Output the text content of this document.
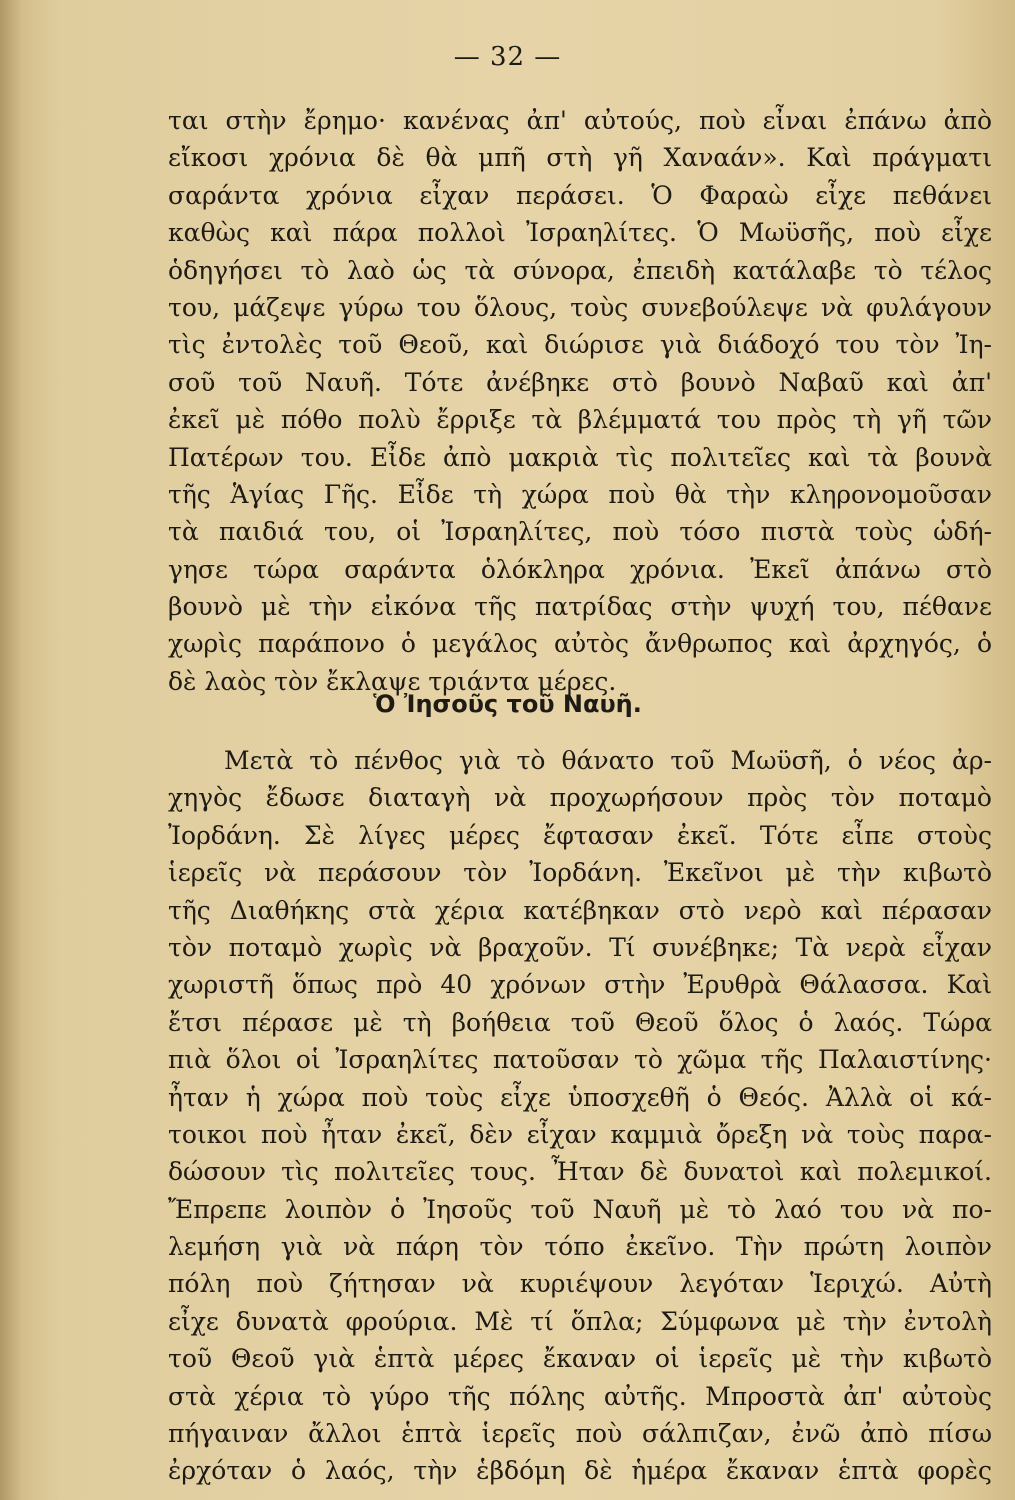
— 32 —
ται στὴν ἔρημο· κανένας ἀπ' αὐτούς, ποὺ εἶναι ἐπάνω ἀπὸ
εἴκοσι χρόνια δὲ θὰ μπῆ στὴ γῆ Χαναάν». Καὶ πράγματι
σαράντα χρόνια εἶχαν περάσει. Ὁ Φαραὼ εἶχε πεθάνει
καθὼς καὶ πάρα πολλοὶ Ἰσραηλίτες. Ὁ Μωϋσῆς, ποὺ εἶχε
ὁδηγήσει τὸ λαὸ ὡς τὰ σύνορα, ἐπειδὴ κατάλαβε τὸ τέλος
του, μάζεψε γύρω του ὅλους, τοὺς συνεβούλεψε νὰ φυλάγουν
τὶς ἐντολὲς τοῦ Θεοῦ, καὶ διώρισε γιὰ διάδοχό του τὸν Ἰη-
σοῦ τοῦ Ναυῆ. Τότε ἀνέβηκε στὸ βουνὸ Ναβαῦ καὶ ἀπ'
ἐκεῖ μὲ πόθο πολὺ ἔρριξε τὰ βλέμματά του πρὸς τὴ γῆ τῶν
Πατέρων του. Εἶδε ἀπὸ μακριὰ τὶς πολιτεῖες καὶ τὰ βουνὰ
τῆς Ἁγίας Γῆς. Εἶδε τὴ χώρα ποὺ θὰ τὴν κληρονομοῦσαν
τὰ παιδιά του, οἱ Ἰσραηλίτες, ποὺ τόσο πιστὰ τοὺς ὡδή-
γησε τώρα σαράντα ὁλόκληρα χρόνια. Ἐκεῖ ἀπάνω στὸ
βουνὸ μὲ τὴν εἰκόνα τῆς πατρίδας στὴν ψυχή του, πέθανε
χωρὶς παράπονο ὁ μεγάλος αὐτὸς ἄνθρωπος καὶ ἀρχηγός, ὁ
δὲ λαὸς τὸν ἔκλαψε τριάντα μέρες.
Ὁ Ἰησοῦς τοῦ Ναυῆ.
Μετὰ τὸ πένθος γιὰ τὸ θάνατο τοῦ Μωϋσῆ, ὁ νέος ἀρ-
χηγὸς ἔδωσε διαταγὴ νὰ προχωρήσουν πρὸς τὸν ποταμὸ
Ἰορδάνη. Σὲ λίγες μέρες ἔφτασαν ἐκεῖ. Τότε εἶπε στοὺς
ἱερεῖς νὰ περάσουν τὸν Ἰορδάνη. Ἐκεῖνοι μὲ τὴν κιβωτὸ
τῆς Διαθήκης στὰ χέρια κατέβηκαν στὸ νερὸ καὶ πέρασαν
τὸν ποταμὸ χωρὶς νὰ βραχοῦν. Τί συνέβηκε; Τὰ νερὰ εἶχαν
χωριστῆ ὅπως πρὸ 40 χρόνων στὴν Ἐρυθρὰ Θάλασσα. Καὶ
ἔτσι πέρασε μὲ τὴ βοήθεια τοῦ Θεοῦ ὅλος ὁ λαός. Τώρα
πιὰ ὅλοι οἱ Ἰσραηλίτες πατοῦσαν τὸ χῶμα τῆς Παλαιστίνης·
ἦταν ἡ χώρα ποὺ τοὺς εἶχε ὑποσχεθῆ ὁ Θεός. Ἀλλὰ οἱ κά-
τοικοι ποὺ ἦταν ἐκεῖ, δὲν εἶχαν καμμιὰ ὄρεξη νὰ τοὺς παρα-
δώσουν τὶς πολιτεῖες τους. Ἦταν δὲ δυνατοὶ καὶ πολεμικοί.
Ἔπρεπε λοιπὸν ὁ Ἰησοῦς τοῦ Ναυῆ μὲ τὸ λαό του νὰ πο-
λεμήση γιὰ νὰ πάρη τὸν τόπο ἐκεῖνο. Τὴν πρώτη λοιπὸν
πόλη ποὺ ζήτησαν νὰ κυριέψουν λεγόταν Ἱεριχώ. Αὐτὴ
εἶχε δυνατὰ φρούρια. Μὲ τί ὅπλα; Σύμφωνα μὲ τὴν ἐντολὴ
τοῦ Θεοῦ γιὰ ἑπτὰ μέρες ἔκαναν οἱ ἱερεῖς μὲ τὴν κιβωτὸ
στὰ χέρια τὸ γύρο τῆς πόλης αὐτῆς. Μπροστὰ ἀπ' αὐτοὺς
πήγαιναν ἄλλοι ἑπτὰ ἱερεῖς ποὺ σάλπιζαν, ἐνῶ ἀπὸ πίσω
ἐρχόταν ὁ λαός, τὴν ἑβδόμη δὲ ἡμέρα ἔκαναν ἑπτὰ φορὲς
